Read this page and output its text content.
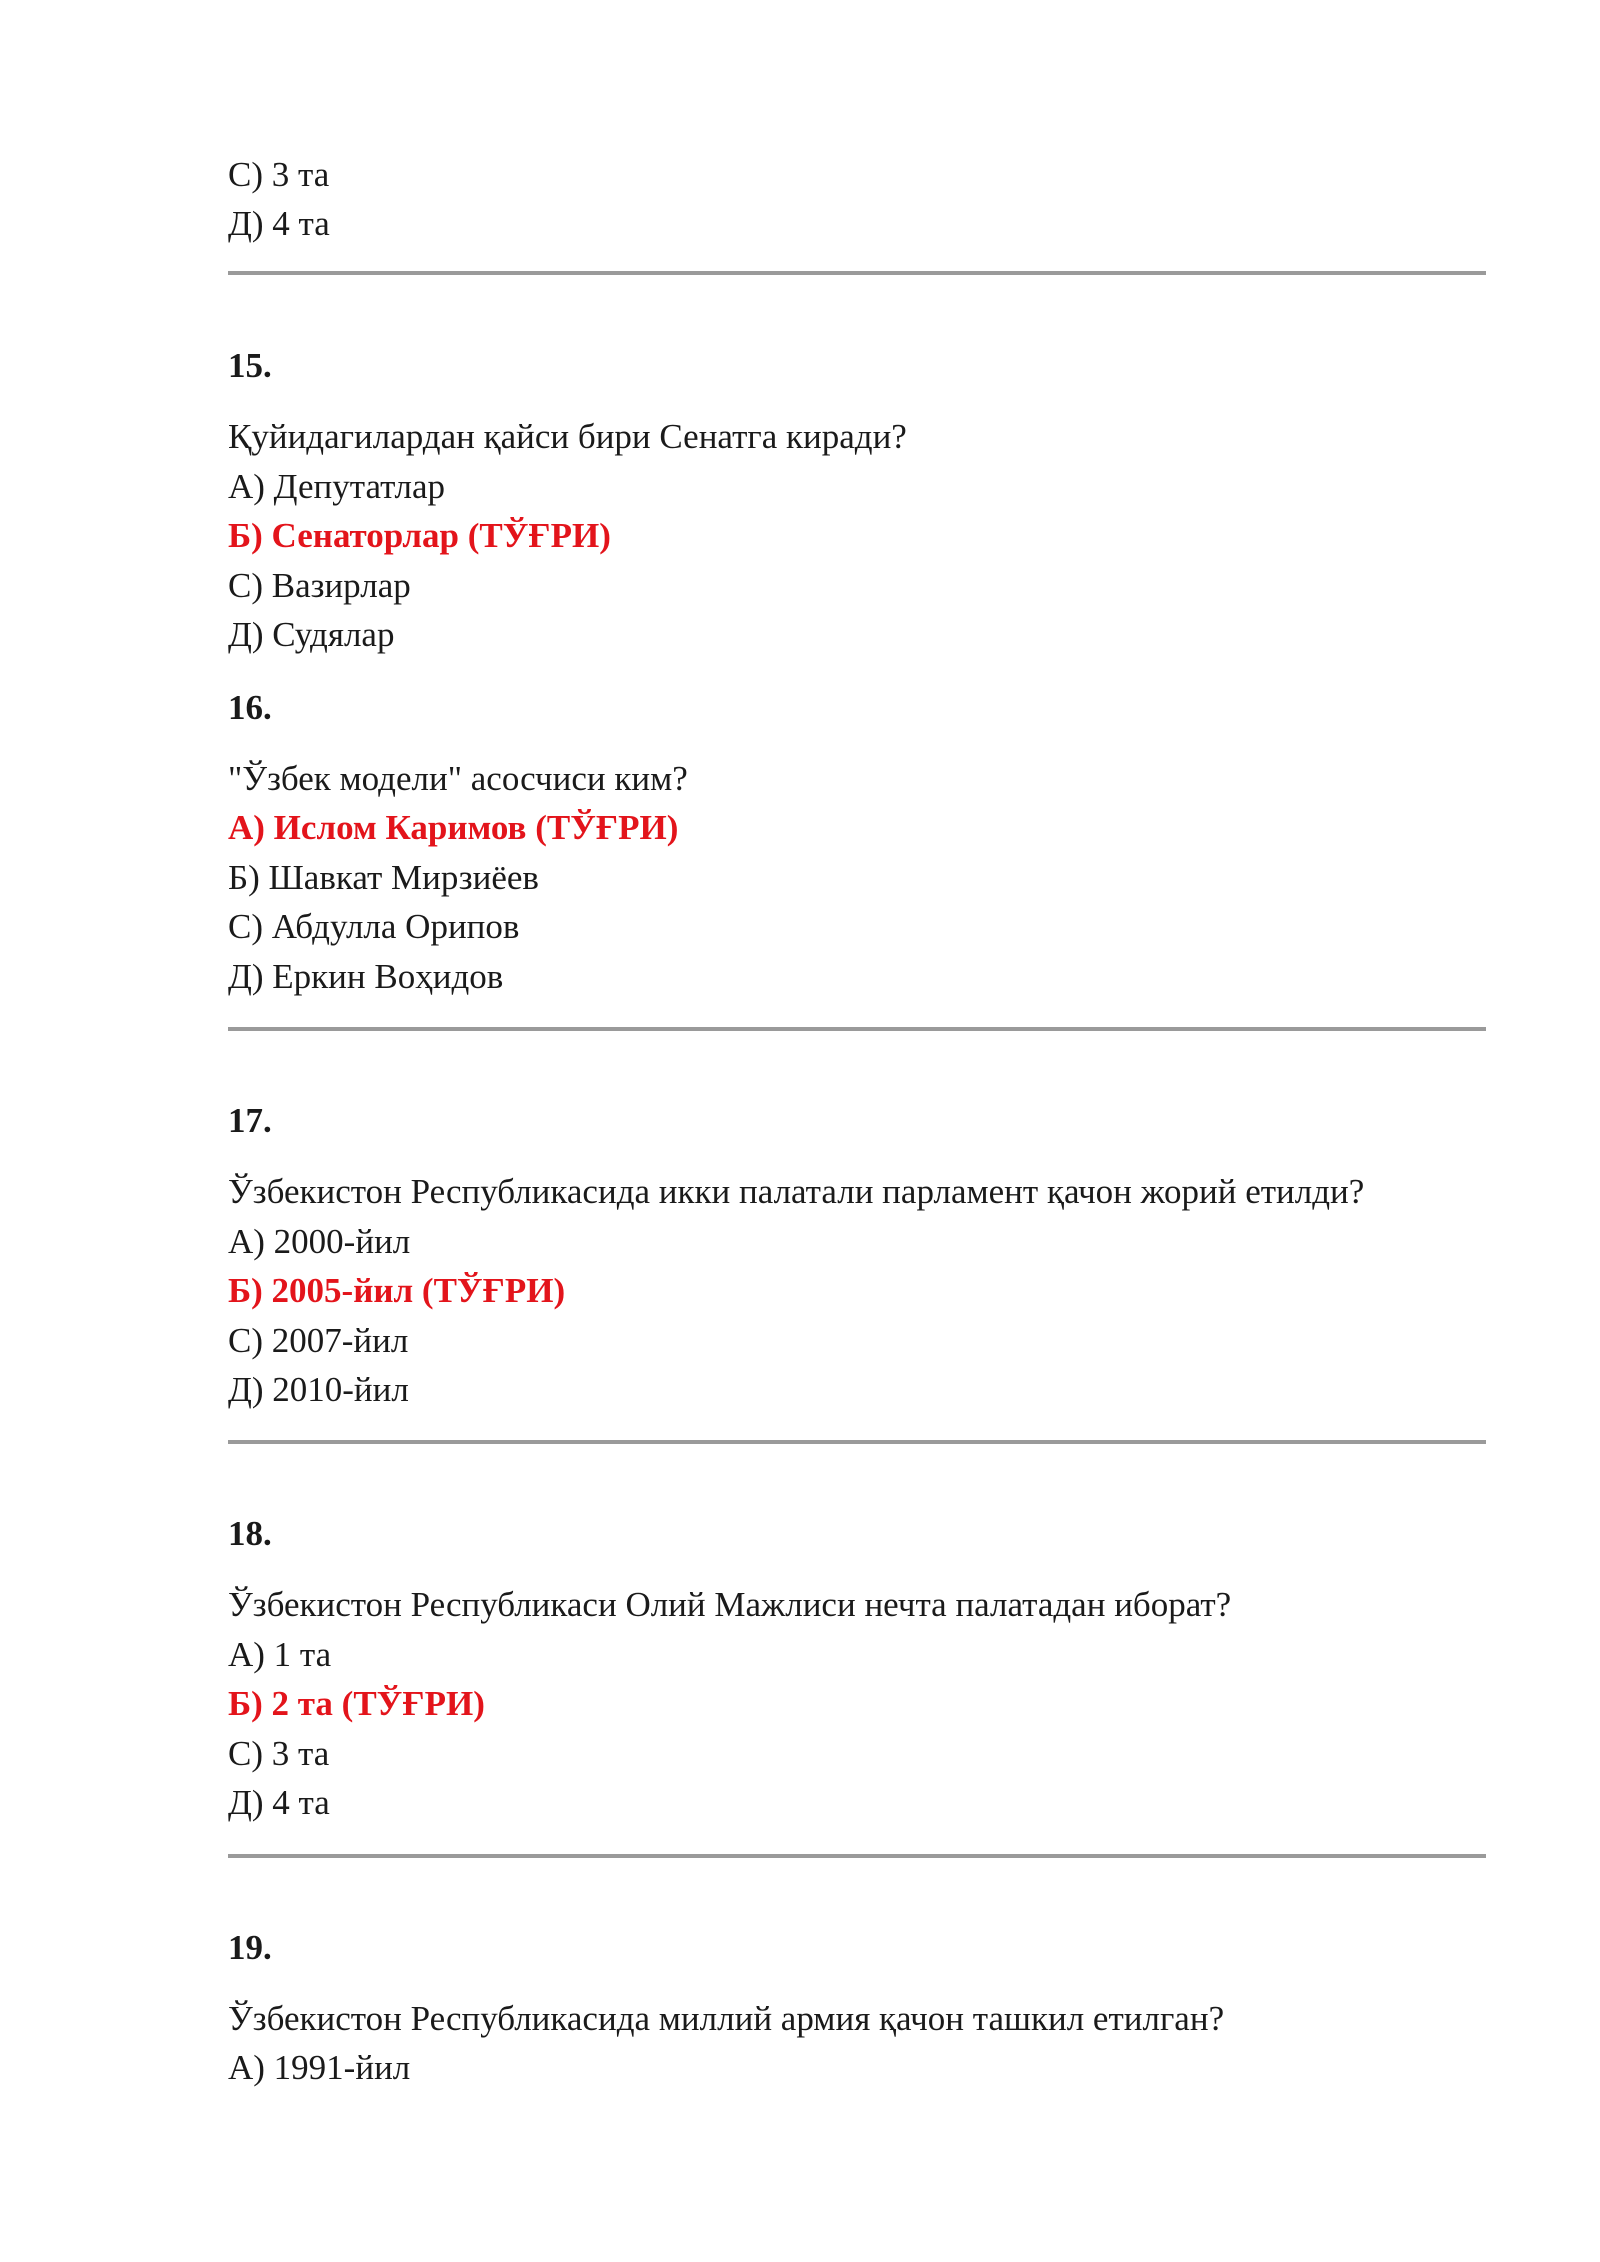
С) 3 та
Д) 4 та
15.
Қуйидагилардан қайси бири Сенатга киради?
А) Депутатлар
Б) Сенаторлар (ТЎҒРИ)
С) Вазирлар
Д) Судялар
16.
"Ўзбек модели" асосчиси ким?
А) Ислом Каримов (ТЎҒРИ)
Б) Шавкат Мирзиёев
С) Абдулла Орипов
Д) Еркин Воҳидов
17.
Ўзбекистон Республикасида икки палатали парламент қачон жорий етилди?
А) 2000-йил
Б) 2005-йил (ТЎҒРИ)
С) 2007-йил
Д) 2010-йил
18.
Ўзбекистон Республикаси Олий Мажлиси нечта палатадан иборат?
А) 1 та
Б) 2 та (ТЎҒРИ)
С) 3 та
Д) 4 та
19.
Ўзбекистон Республикасида миллий армия қачон ташкил етилган?
А) 1991-йил
